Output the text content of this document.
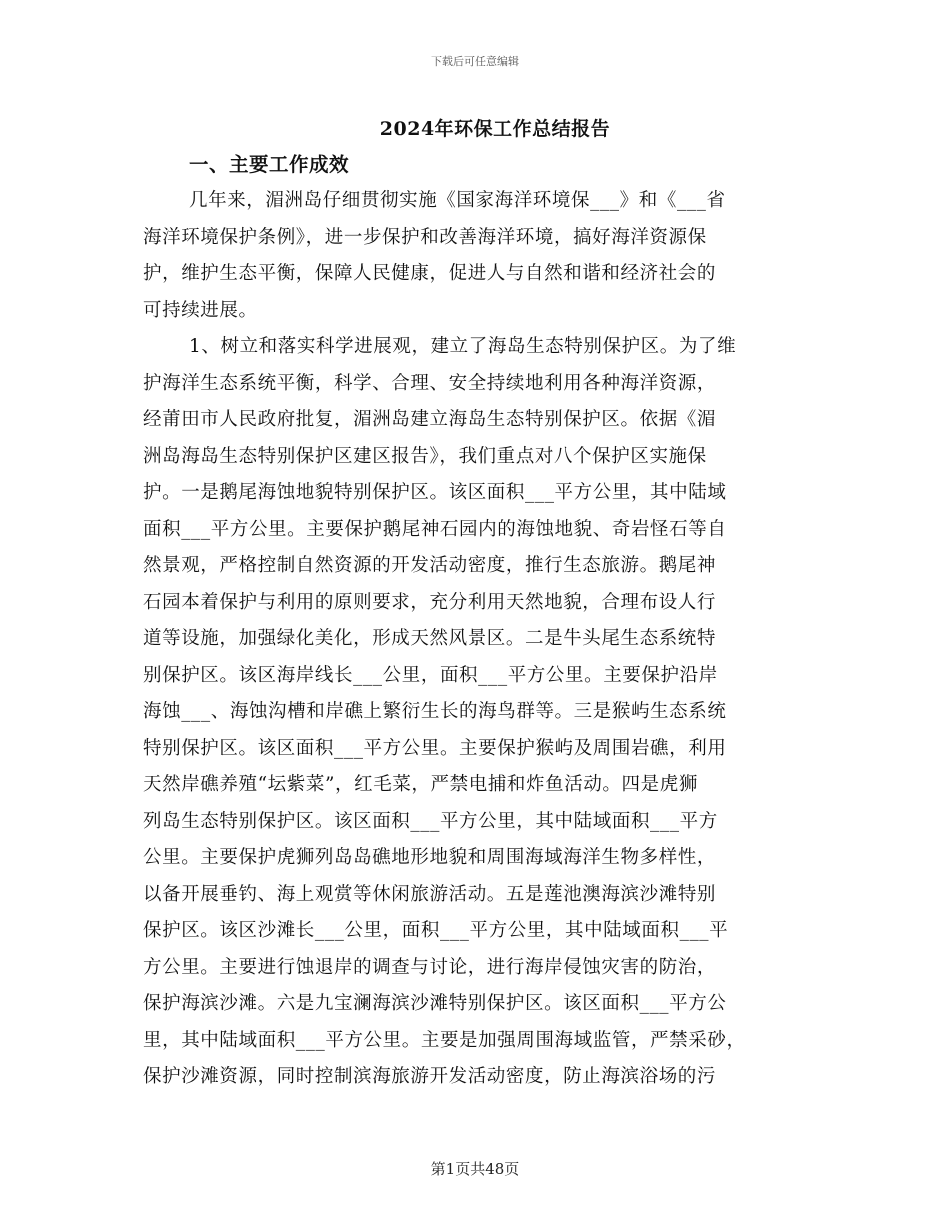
下载后可任意编辑
2024年环保工作总结报告
一、主要工作成效
几年来，湄洲岛仔细贯彻实施《国家海洋环境保___》和《___省
海洋环境保护条例》，进一步保护和改善海洋环境，搞好海洋资源保
护，维护生态平衡，保障人民健康，促进人与自然和谐和经济社会的
可持续进展。
1、树立和落实科学进展观，建立了海岛生态特别保护区。为了维
护海洋生态系统平衡，科学、合理、安全持续地利用各种海洋资源，
经莆田市人民政府批复，湄洲岛建立海岛生态特别保护区。依据《湄
洲岛海岛生态特别保护区建区报告》，我们重点对八个保护区实施保
护。一是鹅尾海蚀地貌特别保护区。该区面积___平方公里，其中陆域
面积___平方公里。主要保护鹅尾神石园内的海蚀地貌、奇岩怪石等自
然景观，严格控制自然资源的开发活动密度，推行生态旅游。鹅尾神
石园本着保护与利用的原则要求，充分利用天然地貌，合理布设人行
道等设施，加强绿化美化，形成天然风景区。二是牛头尾生态系统特
别保护区。该区海岸线长___公里，面积___平方公里。主要保护沿岸
海蚀___、海蚀沟槽和岸礁上繁衍生长的海鸟群等。三是猴屿生态系统
特别保护区。该区面积___平方公里。主要保护猴屿及周围岩礁，利用
天然岸礁养殖“坛紫菜”，红毛菜，严禁电捕和炸鱼活动。四是虎狮
列岛生态特别保护区。该区面积___平方公里，其中陆域面积___平方
公里。主要保护虎狮列岛岛礁地形地貌和周围海域海洋生物多样性，
以备开展垂钓、海上观赏等休闲旅游活动。五是莲池澳海滨沙滩特别
保护区。该区沙滩长___公里，面积___平方公里，其中陆域面积___平
方公里。主要进行蚀退岸的调查与讨论，进行海岸侵蚀灾害的防治，
保护海滨沙滩。六是九宝澜海滨沙滩特别保护区。该区面积___平方公
里，其中陆域面积___平方公里。主要是加强周围海域监管，严禁采砂，
保护沙滩资源，同时控制滨海旅游开发活动密度，防止海滨浴场的污
第1页共48页
